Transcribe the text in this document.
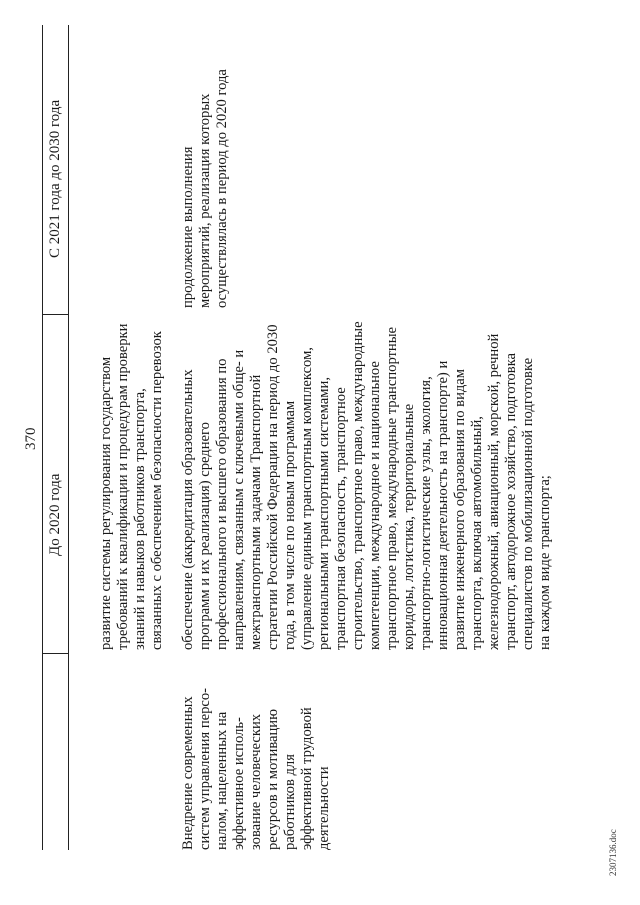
370
До 2020 года
С 2021 года до 2030 года
развитие системы регулирования государством требований к квалификации и процедурам проверки знаний и навыков работников транспорта, связанных с обеспечением безопасности перевозок
Внедрение современных систем управления персо- налом, нацеленных на эффективное исполь- зование человеческих ресурсов и мотивацию работников для эффективной трудовой деятельности
обеспечение (аккредитация образовательных программ и их реализация) среднего профессионального и высшего образования по направлениям, связанным с ключевыми обще- и межтранспортными задачами Транспортной стратегии Российской Федерации на период до 2030 года, в том числе по новым программам (управление единым транспортным комплексом, региональными транспортными системами, транспортная безопасность, транспортное строительство, транспортное право, международные компетенции, международное и национальное транспортное право, международные транспортные коридоры, логистика, территориальные транспортно-логистические узлы, экология, инновационная деятельность на транспорте) и развитие инженерного образования по видам транспорта, включая автомобильный, железнодорожный, авиационный, морской, речной транспорт, автодорожное хозяйство, подготовка специалистов по мобилизационной подготовке на каждом виде транспорта;
продолжение выполнения мероприятий, реализация которых осуществлялась в период до 2020 года
2307136.doc
